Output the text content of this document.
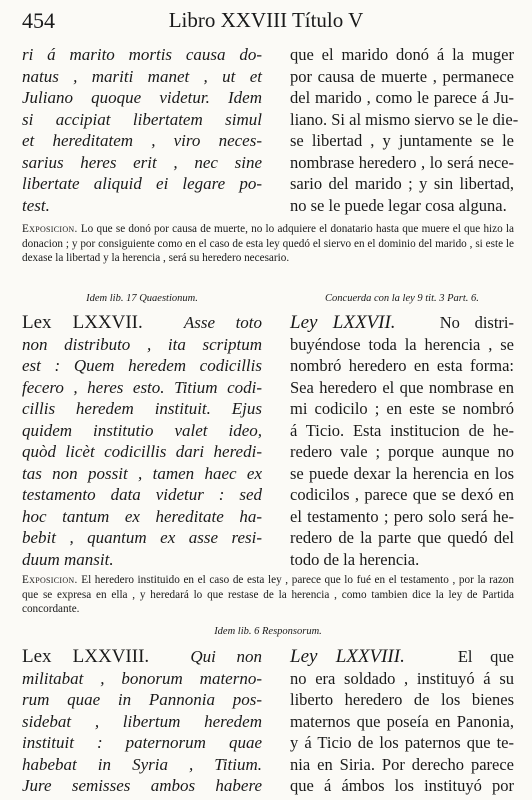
454	Libro XXVIII Título V
ri á marito mortis causa do-
natus , mariti manet , ut et
Juliano quoque videtur. Idem
si accipiat libertatem simul
et hereditatem , viro neces-
sarius heres erit , nec sine
libertate aliquid ei legare po-
test.
que el marido donó á la muger
por causa de muerte , permanece
del marido , como le parece á Ju-
liano. Si al mismo siervo se le die-
se libertad , y juntamente se le
nombrase heredero , lo será nece-
sario del marido ; y sin libertad,
no se le puede legar cosa alguna.
Exposicion. Lo que se donó por causa de muerte, no lo adquiere el donatario hasta que muere el que hizo la donacion ; y por consiguiente como en el caso de esta ley quedó el siervo en el dominio del marido , si este le dexase la libertad y la herencia , será su heredero necesario.
Idem lib. 17 Quaestionum.	Concuerda con la ley 9 tit. 3 Part. 6.
Lex LXXVII. Asse toto
non distributo , ita scriptum
est : Quem heredem codicillis
fecero , heres esto. Titium codi-
cillis heredem instituit. Ejus
quidem institutio valet ideo,
quòd licèt codicillis dari heredi-
tas non possit , tamen haec ex
testamento data videtur : sed
hoc tantum ex hereditate ha-
bebit , quantum ex asse resi-
duum mansit.
Ley LXXVII.	No distri-
buyéndose toda la herencia , se
nombró heredero en esta forma:
Sea heredero el que nombrase en
mi codicilo ; en este se nombró
á Ticio. Esta institucion de he-
redero vale ; porque aunque no
se puede dexar la herencia en los
codicilos , parece que se dexó en
el testamento ; pero solo será he-
redero de la parte que quedó del
todo de la herencia.
Exposicion. El heredero instituido en el caso de esta ley , parece que lo fué en el testamento , por la razon que se expresa en ella , y heredará lo que restase de la herencia , como tambien dice la ley de Partida concordante.
Idem lib. 6 Responsorum.
Lex LXXVIII. Qui non
militabat , bonorum materno-
rum quae in Pannonia pos-
sidebat , libertum heredem
instituit : paternorum quae
habebat in Syria , Titium.
Jure semisses ambos habere
Ley LXXVIII.	El que
no era soldado , instituyó á su
liberto heredero de los bienes
maternos que poseía en Panonia,
y á Ticio de los paternos que te-
nia en Siria. Por derecho parece
que á ámbos los instituyó por
